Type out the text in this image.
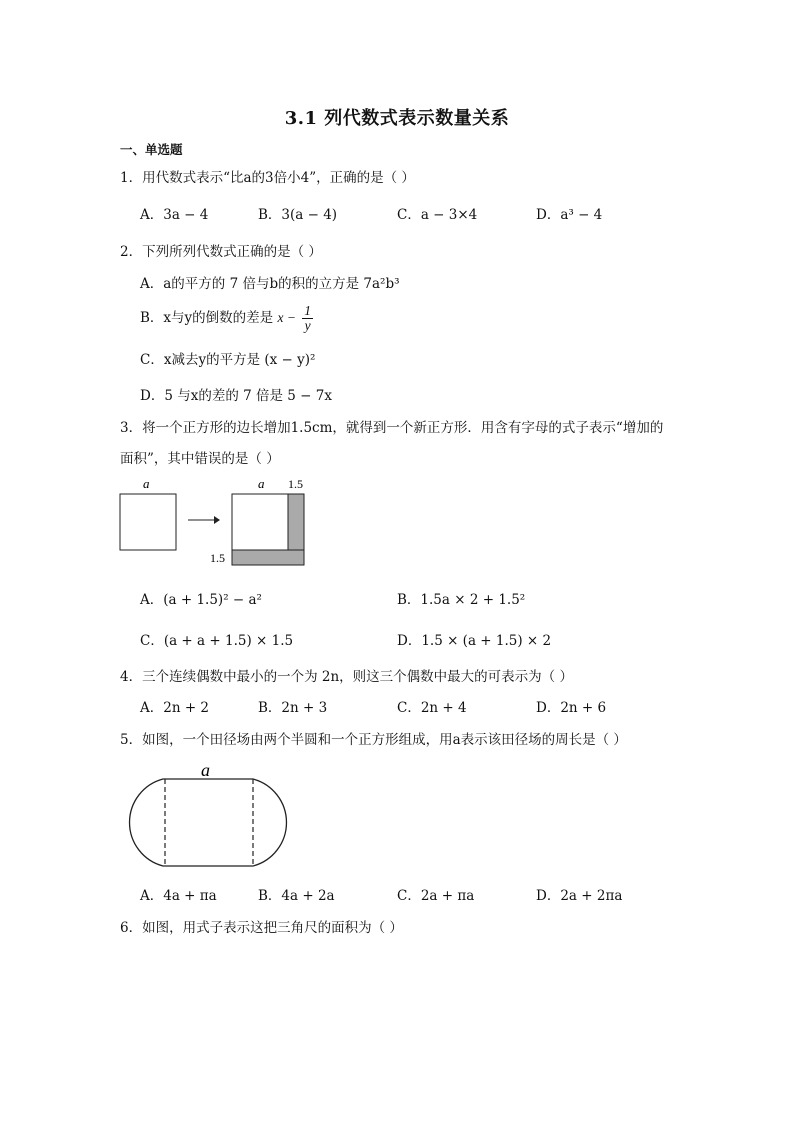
3.1 列代数式表示数量关系
一、单选题
1．用代数式表示“比a的3倍小4”，正确的是（ ）
A．3a − 4	B．3(a − 4)	C．a − 3×4	D．a³ − 4
2．下列所列代数式正确的是（ ）
A．a的平方的 7 倍与b的积的立方是 7a²b³
B．x与y的倒数的差是 $x - \frac{1}{y}$
C．x减去y的平方是 (x − y)²
D．5 与x的差的 7 倍是 5 − 7x
3．将一个正方形的边长增加1.5cm，就得到一个新正方形．用含有字母的式子表示“增加的
面积”，其中错误的是（ ）
a	a 1.5
1.5
A．(a + 1.5)² − a²	B．1.5a × 2 + 1.5²
C．(a + a + 1.5) × 1.5	D．1.5 × (a + 1.5) × 2
4．三个连续偶数中最小的一个为 2n，则这三个偶数中最大的可表示为（ ）
A．2n + 2	B．2n + 3	C．2n + 4	D．2n + 6
5．如图，一个田径场由两个半圆和一个正方形组成，用a表示该田径场的周长是（ ）
a
A．4a + πa	B．4a + 2a	C．2a + πa	D．2a + 2πa
6．如图，用式子表示这把三角尺的面积为（ ）
